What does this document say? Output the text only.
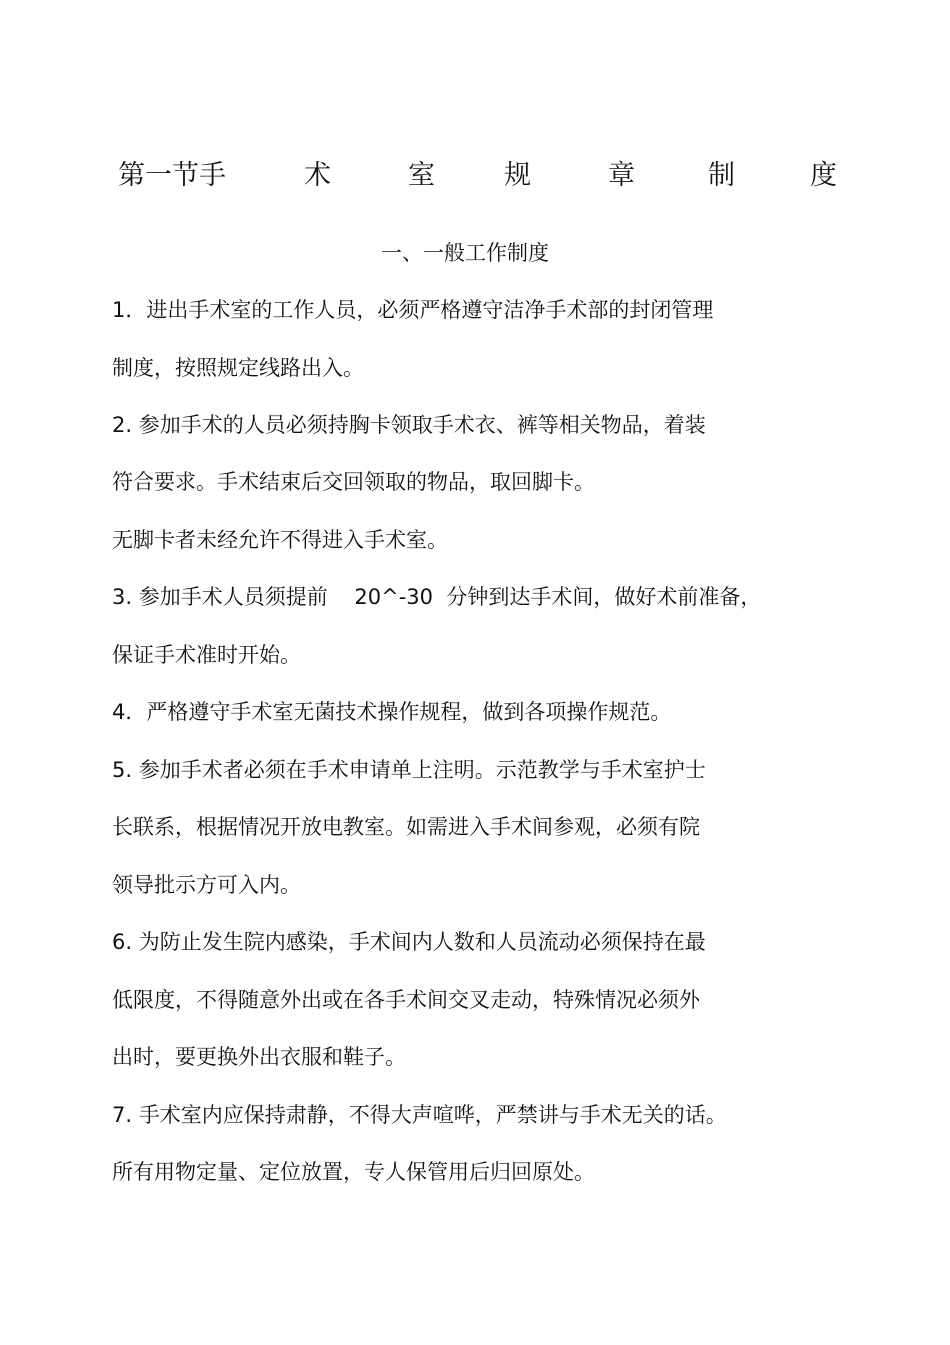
第一节手	术	室	规	章	制	度
一、一般工作制度
1．进出手术室的工作人员，必须严格遵守洁净手术部的封闭管理
制度，按照规定线路出入。
2. 参加手术的人员必须持胸卡领取手术衣、裤等相关物品，着装
符合要求。手术结束后交回领取的物品，取回脚卡。
无脚卡者未经允许不得进入手术室。
3. 参加手术人员须提前    20^-30  分钟到达手术间，做好术前准备，
保证手术准时开始。
4．严格遵守手术室无菌技术操作规程，做到各项操作规范。
5. 参加手术者必须在手术申请单上注明。示范教学与手术室护士
长联系，根据情况开放电教室。如需进入手术间参观，必须有院
领导批示方可入内。
6. 为防止发生院内感染，手术间内人数和人员流动必须保持在最
低限度，不得随意外出或在各手术间交叉走动，特殊情况必须外
出时，要更换外出衣服和鞋子。
7. 手术室内应保持肃静，不得大声喧哗，严禁讲与手术无关的话。
所有用物定量、定位放置，专人保管用后归回原处。
